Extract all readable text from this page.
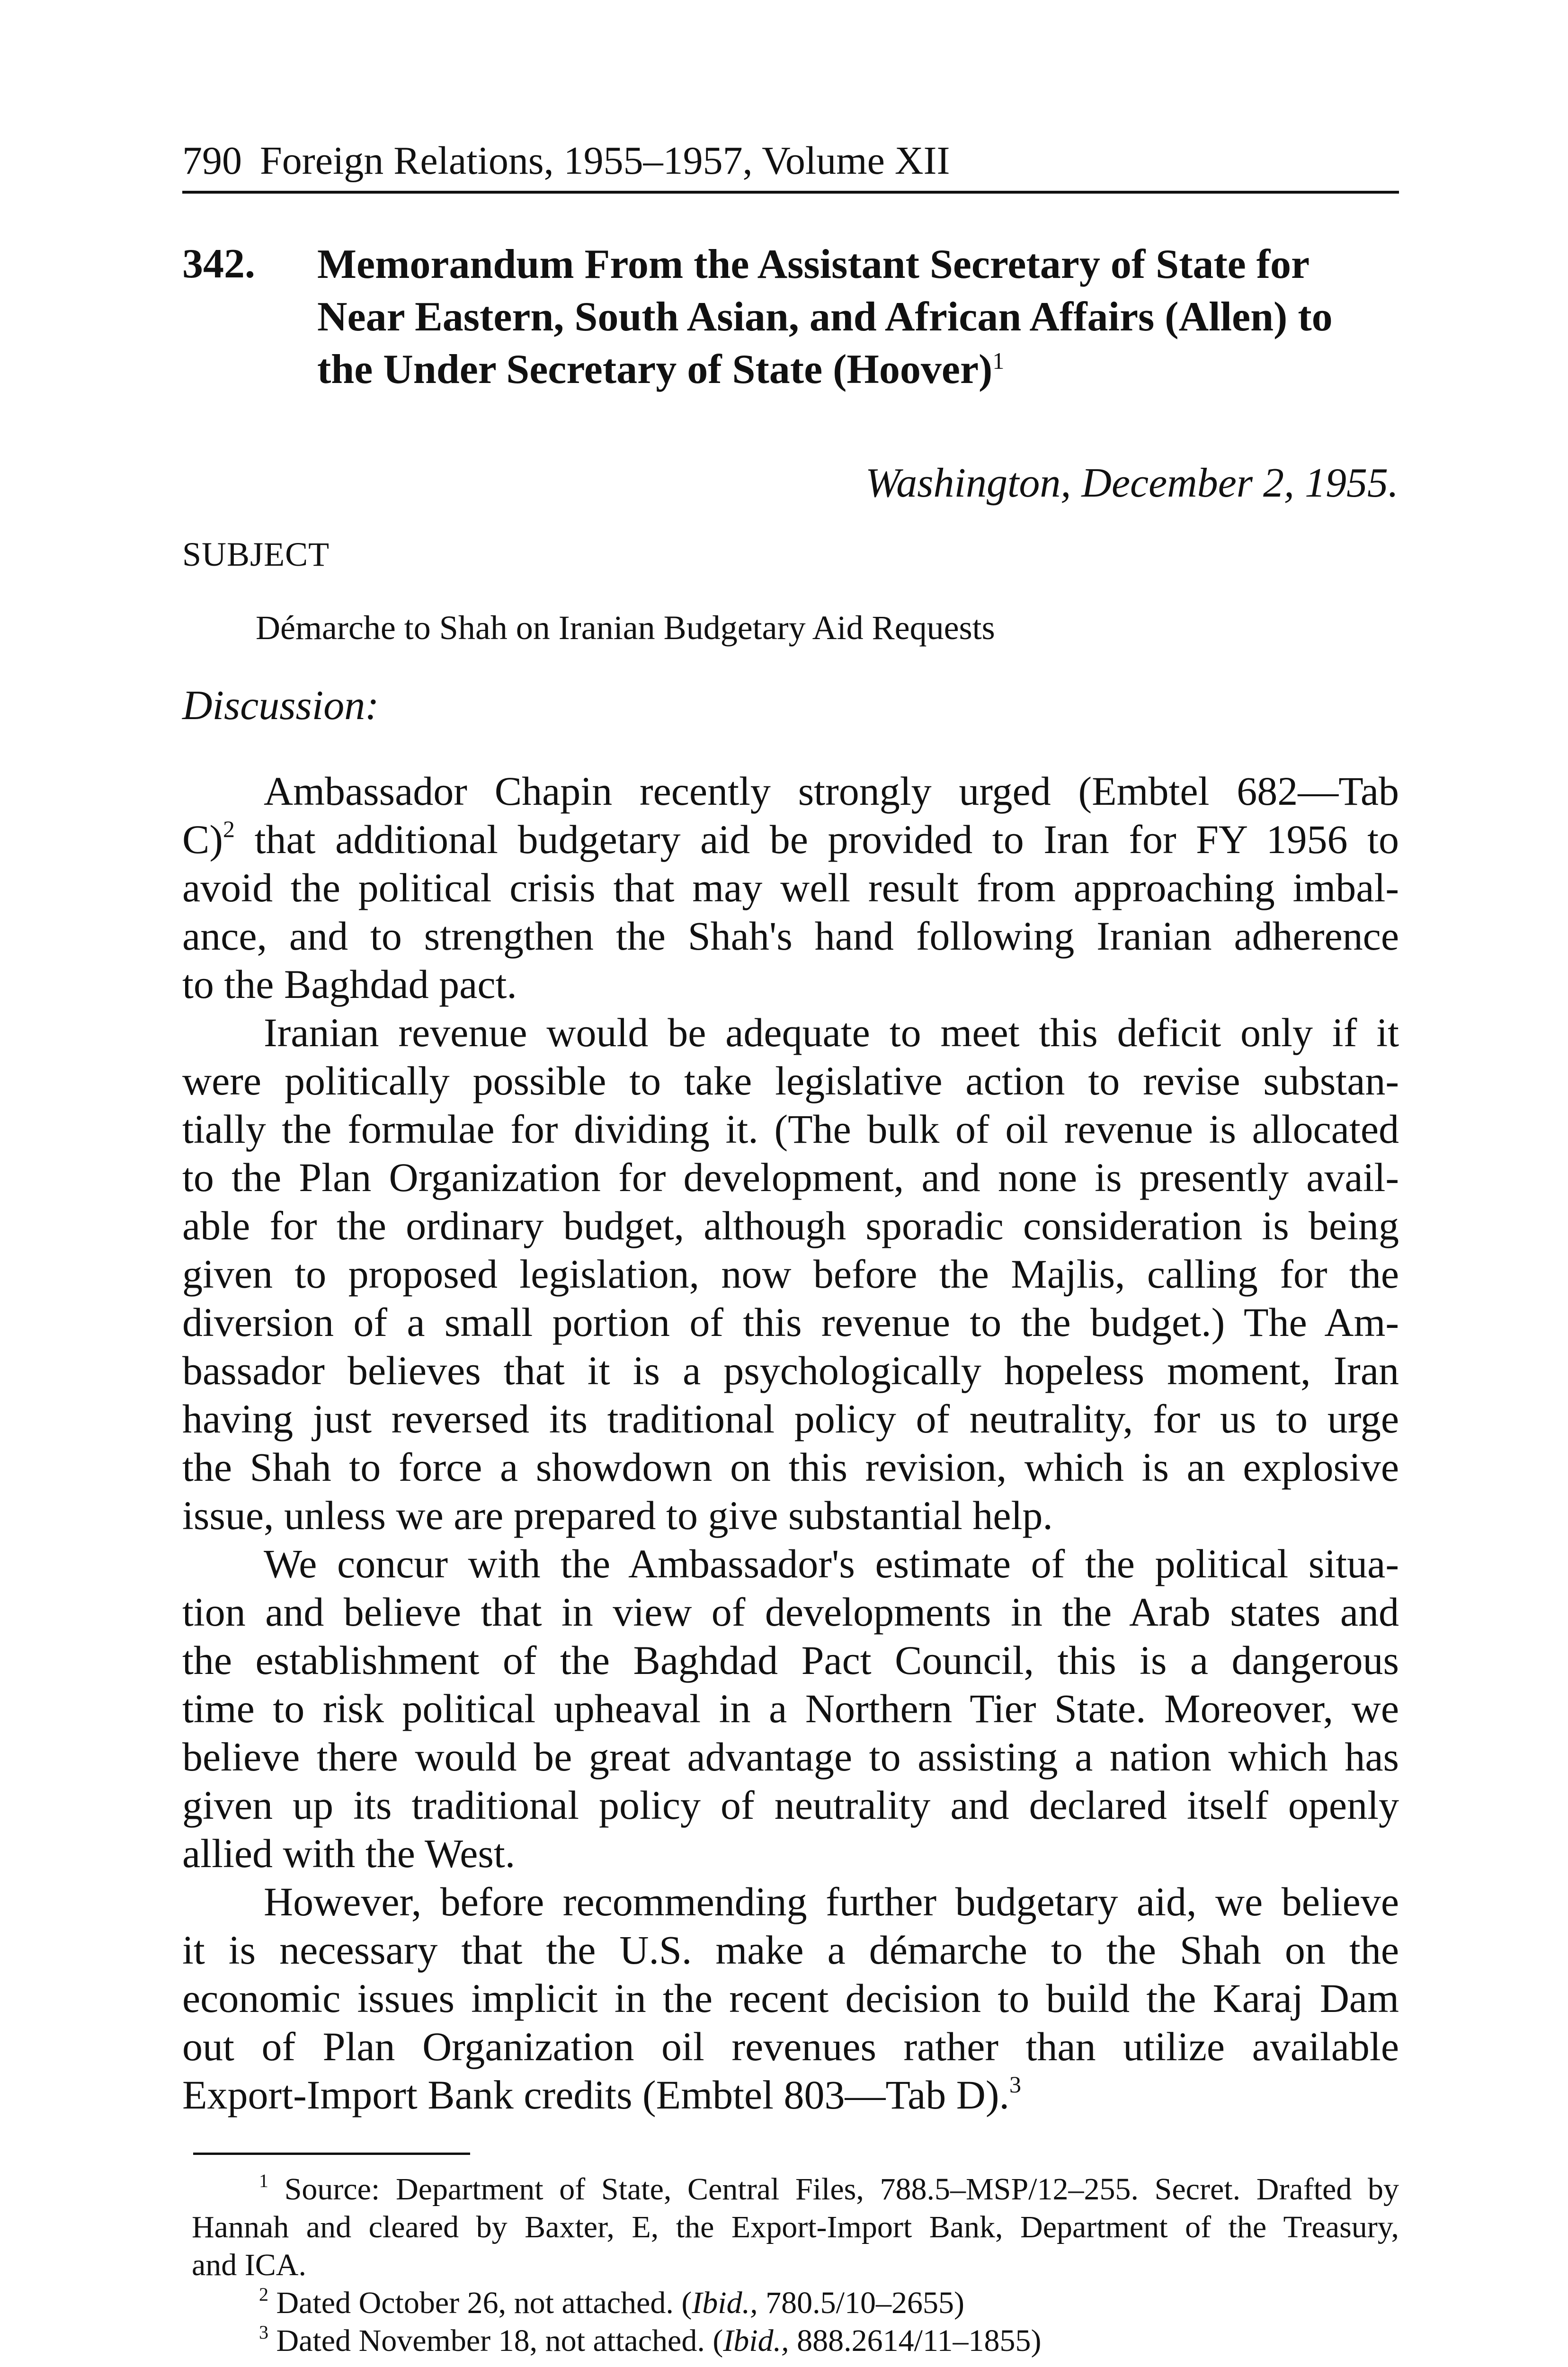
790 Foreign Relations, 1955–1957, Volume XII
342. Memorandum From the Assistant Secretary of State for

Near Eastern, South Asian, and African Affairs (Allen) to

the Under Secretary of State (Hoover)$^1$

Washington, December 2, 1955.
SUBJECT
Démarche to Shah on Iranian Budgetary Aid Requests
Discussion:

Ambassador Chapin recently strongly urged (Embtel 682—Tab
C)$^2$ that additional budgetary aid be provided to Iran for FY 1956 to
avoid the political crisis that may well result from approaching imbal-
ance, and to strengthen the Shah's hand following Iranian adherence
to the Baghdad pact.

Iranian revenue would be adequate to meet this deficit only if it
were politically possible to take legislative action to revise substan-
tially the formulae for dividing it. (The bulk of oil revenue is allocated
to the Plan Organization for development, and none is presently avail-
able for the ordinary budget, although sporadic consideration is being
given to proposed legislation, now before the Majlis, calling for the
diversion of a small portion of this revenue to the budget.) The Am-
bassador believes that it is a psychologically hopeless moment, Iran
having just reversed its traditional policy of neutrality, for us to urge
the Shah to force a showdown on this revision, which is an explosive
issue, unless we are prepared to give substantial help.

We concur with the Ambassador's estimate of the political situa-
tion and believe that in view of developments in the Arab states and
the establishment of the Baghdad Pact Council, this is a dangerous
time to risk political upheaval in a Northern Tier State. Moreover, we
believe there would be great advantage to assisting a nation which has
given up its traditional policy of neutrality and declared itself openly
allied with the West.

However, before recommending further budgetary aid, we believe
it is necessary that the U.S. make a démarche to the Shah on the
economic issues implicit in the recent decision to build the Karaj Dam
out of Plan Organization oil revenues rather than utilize available
Export-Import Bank credits (Embtel 803—Tab D).$^3$

$^1$ Source: Department of State, Central Files, 788.5–MSP/12–255. Secret. Drafted by
Hannah and cleared by Baxter, E, the Export-Import Bank, Department of the Treasury,
and ICA.

$^2$ Dated October 26, not attached. (Ibid., 780.5/10–2655)

$^3$ Dated November 18, not attached. (Ibid., 888.2614/11–1855)
